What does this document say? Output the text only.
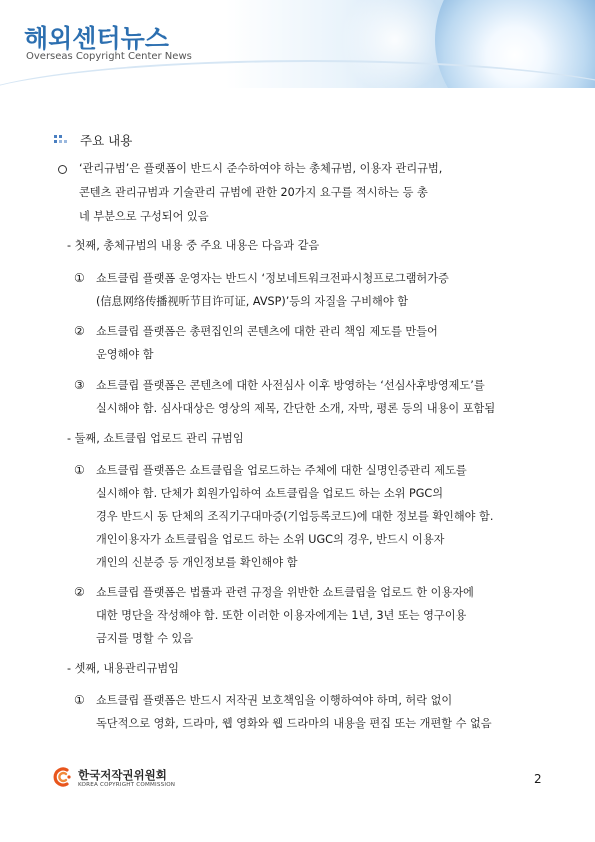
해외센터뉴스
Overseas Copyright Center News
주요 내용
‘관리규범’은 플랫폼이 반드시 준수하여야 하는 총체규범, 이용자 관리규범,
콘텐츠 관리규범과 기술관리 규범에 관한 20가지 요구를 적시하는 등 총
네 부분으로 구성되어 있음
- 첫째, 총체규범의 내용 중 주요 내용은 다음과 같음
① 쇼트클립 플랫폼 운영자는 반드시 ‘정보네트워크전파시청프로그램허가증
(信息网络传播视听节目许可证, AVSP)’등의 자질을 구비해야 함
② 쇼트클립 플랫폼은 총편집인의 콘텐츠에 대한 관리 책임 제도를 만들어
운영해야 함
③ 쇼트클립 플랫폼은 콘텐츠에 대한 사전심사 이후 방영하는 ‘선심사후방영제도’를
실시해야 함. 심사대상은 영상의 제목, 간단한 소개, 자막, 평론 등의 내용이 포함됨
- 둘째, 쇼트클립 업로드 관리 규범임
① 쇼트클립 플랫폼은 쇼트클립을 업로드하는 주체에 대한 실명인증관리 제도를
실시해야 함. 단체가 회원가입하여 쇼트클립을 업로드 하는 소위 PGC의
경우 반드시 동 단체의 조직기구대마증(기업등록코드)에 대한 정보를 확인해야 함.
개인이용자가 쇼트클립을 업로드 하는 소위 UGC의 경우, 반드시 이용자
개인의 신분증 등 개인정보를 확인해야 함
② 쇼트클립 플랫폼은 법률과 관련 규정을 위반한 쇼트클립을 업로드 한 이용자에
대한 명단을 작성해야 함. 또한 이러한 이용자에게는 1년, 3년 또는 영구이용
금지를 명할 수 있음
- 셋째, 내용관리규범임
① 쇼트클립 플랫폼은 반드시 저작권 보호책임을 이행하여야 하며, 허락 없이
독단적으로 영화, 드라마, 웹 영화와 웹 드라마의 내용을 편집 또는 개편할 수 없음
한국저작권위원회
KOREA COPYRIGHT COMMISSION	2
